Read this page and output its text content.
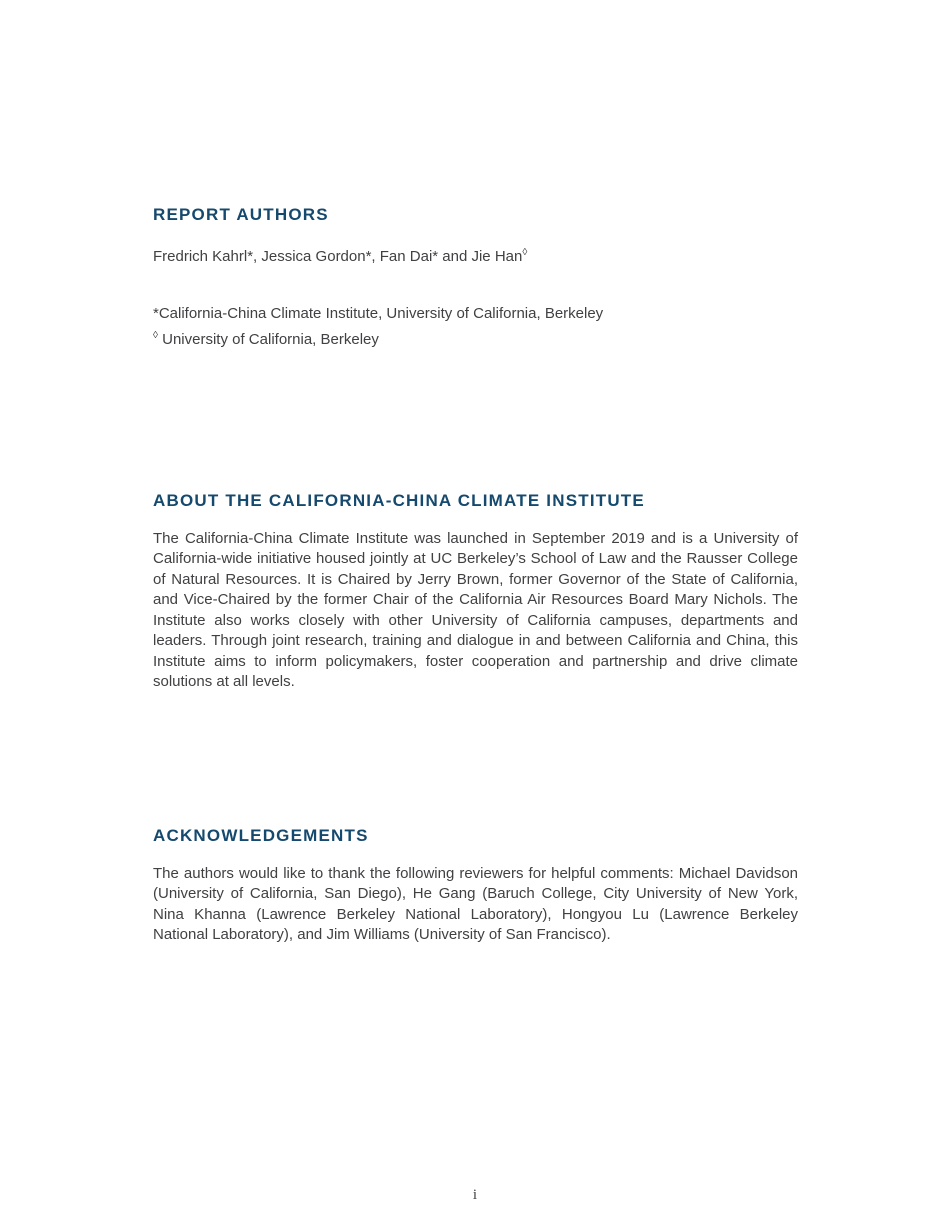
REPORT AUTHORS

Fredrich Kahrl*, Jessica Gordon*, Fan Dai* and Jie Han◊

*California-China Climate Institute, University of California, Berkeley

◊ University of California, Berkeley

ABOUT THE CALIFORNIA-CHINA CLIMATE INSTITUTE

The California-China Climate Institute was launched in September 2019 and is a University of California-wide initiative housed jointly at UC Berkeley’s School of Law and the Rausser College of Natural Resources. It is Chaired by Jerry Brown, former Governor of the State of California, and Vice-Chaired by the former Chair of the California Air Resources Board Mary Nichols. The Institute also works closely with other University of California campuses, departments and leaders. Through joint research, training and dialogue in and between California and China, this Institute aims to inform policymakers, foster cooperation and partnership and drive climate solutions at all levels.

ACKNOWLEDGEMENTS

The authors would like to thank the following reviewers for helpful comments: Michael Davidson (University of California, San Diego), He Gang (Baruch College, City University of New York, Nina Khanna (Lawrence Berkeley National Laboratory), Hongyou Lu (Lawrence Berkeley National Laboratory), and Jim Williams (University of San Francisco).

i
